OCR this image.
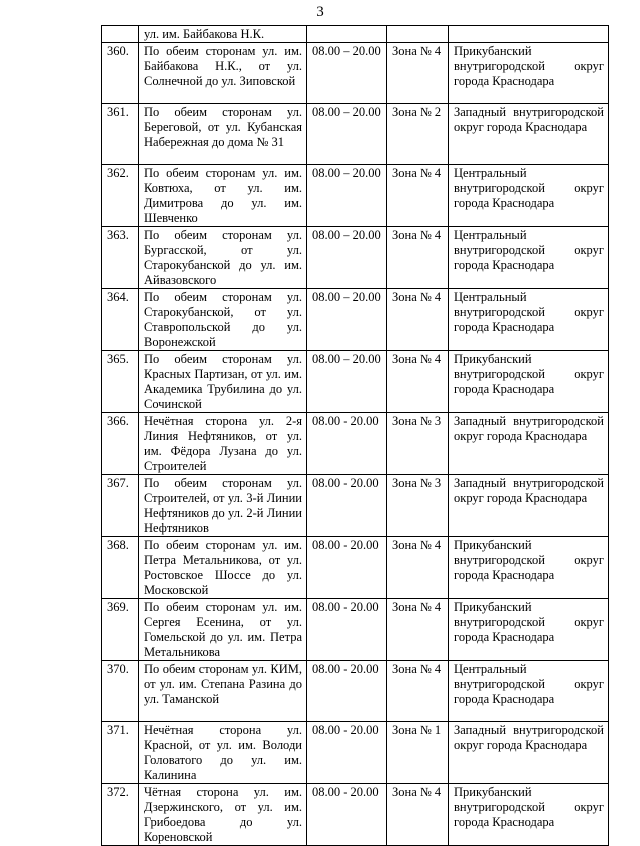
3
	ул. им. Байбакова Н.К.			
360.	По обеим сторонам ул. им. Байбакова Н.К., от ул. Солнечной до ул. Зиповской	08.00 – 20.00	Зона № 4	Прикубанский внутригородской округ города Краснодара
361.	По обеим сторонам ул. Береговой, от ул. Кубанская Набережная до дома № 31	08.00 – 20.00	Зона № 2	Западный внутригородской округ города Краснодара
362.	По обеим сторонам ул. им. Ковтюха, от ул. им. Димитрова до ул. им. Шевченко	08.00 – 20.00	Зона № 4	Центральный внутригородской округ города Краснодара
363.	По обеим сторонам ул. Бургасской, от ул. Старокубанской до ул. им. Айвазовского	08.00 – 20.00	Зона № 4	Центральный внутригородской округ города Краснодара
364.	По обеим сторонам ул. Старокубанской, от ул. Ставропольской до ул. Воронежской	08.00 – 20.00	Зона № 4	Центральный внутригородской округ города Краснодара
365.	По обеим сторонам ул. Красных Партизан, от ул. им. Академика Трубилина до ул. Сочинской	08.00 – 20.00	Зона № 4	Прикубанский внутригородской округ города Краснодара
366.	Нечётная сторона ул. 2-я Линия Нефтяников, от ул. им. Фёдора Лузана до ул. Строителей	08.00 - 20.00	Зона № 3	Западный внутригородской округ города Краснодара
367.	По обеим сторонам ул. Строителей, от ул. 3-й Линии Нефтяников до ул. 2-й Линии Нефтяников	08.00 - 20.00	Зона № 3	Западный внутригородской округ города Краснодара
368.	По обеим сторонам ул. им. Петра Метальникова, от ул. Ростовское Шоссе до ул. Московской	08.00 - 20.00	Зона № 4	Прикубанский внутригородской округ города Краснодара
369.	По обеим сторонам ул. им. Сергея Есенина, от ул. Гомельской до ул. им. Петра Метальникова	08.00 - 20.00	Зона № 4	Прикубанский внутригородской округ города Краснодара
370.	По обеим сторонам ул. КИМ, от ул. им. Степана Разина до ул. Таманской	08.00 - 20.00	Зона № 4	Центральный внутригородской округ города Краснодара
371.	Нечётная сторона ул. Красной, от ул. им. Володи Головатого до ул. им. Калинина	08.00 - 20.00	Зона № 1	Западный внутригородской округ города Краснодара
372.	Чётная сторона ул. им. Дзержинского, от ул. им. Грибоедова до ул. Кореновской	08.00 - 20.00	Зона № 4	Прикубанский внутригородской округ города Краснодара
